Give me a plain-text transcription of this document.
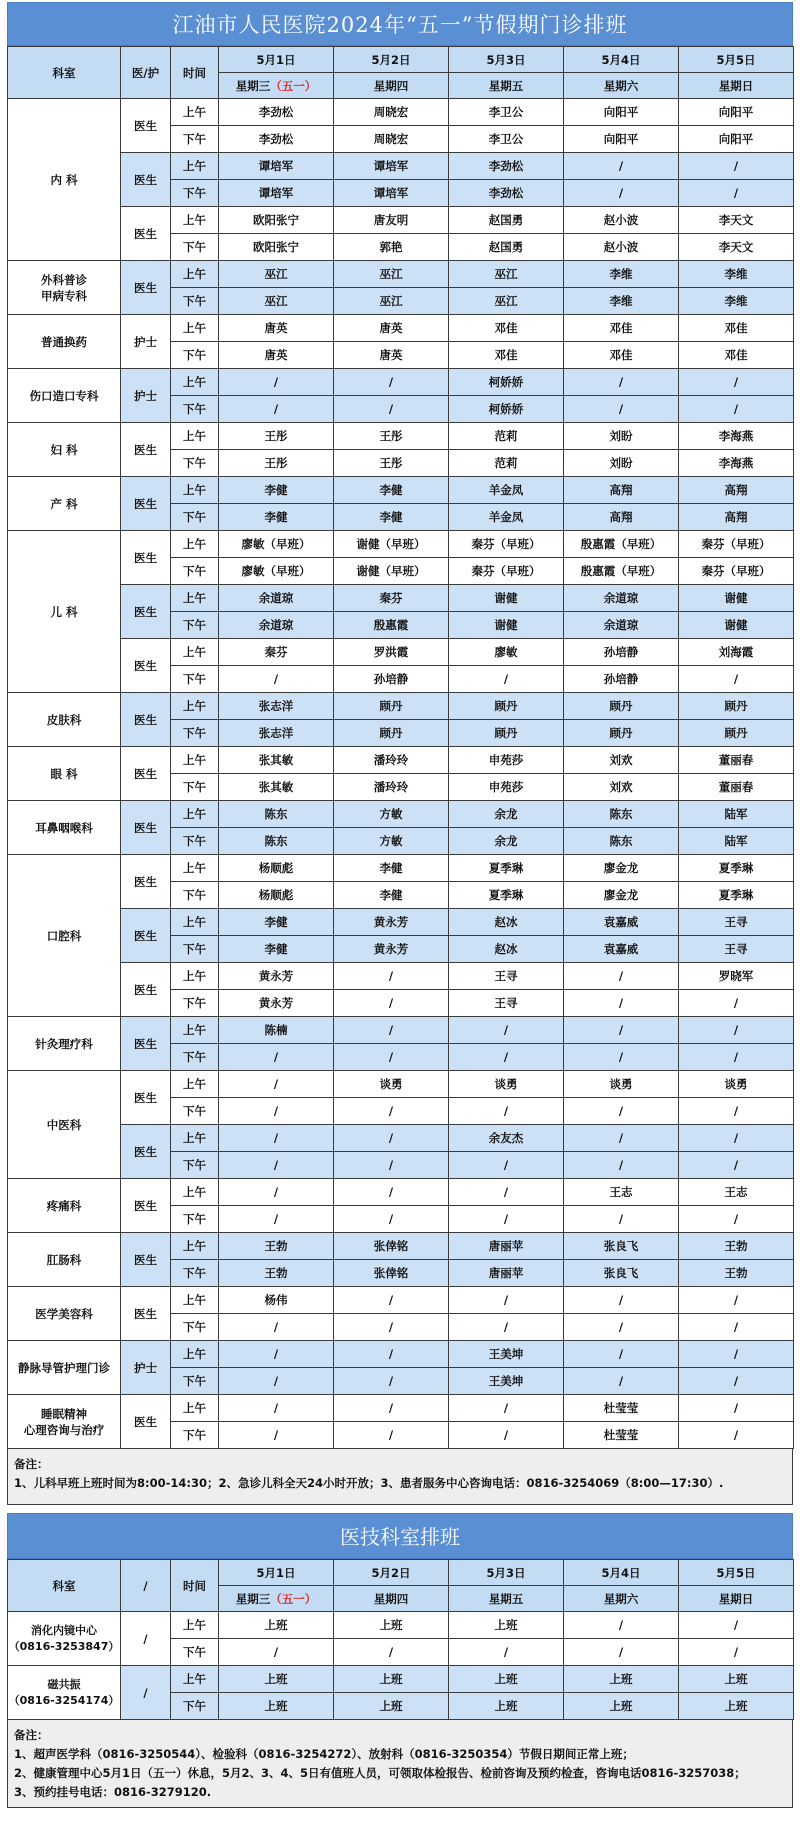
江油市人民医院2024年“五一”节假期门诊排班
科室	医/护	时间	5月1日	5月2日	5月3日	5月4日	5月5日
			星期三（五一）	星期四	星期五	星期六	星期日
内 科	医生	上午	李劲松	周晓宏	李卫公	向阳平	向阳平
		下午	李劲松	周晓宏	李卫公	向阳平	向阳平
	医生	上午	谭培军	谭培军	李劲松	/	/
		下午	谭培军	谭培军	李劲松	/	/
	医生	上午	欧阳张宁	唐友明	赵国勇	赵小波	李天文
		下午	欧阳张宁	郭艳	赵国勇	赵小波	李天文
外科普诊
甲病专科	医生	上午	巫江	巫江	巫江	李维	李维
		下午	巫江	巫江	巫江	李维	李维
普通换药	护士	上午	唐英	唐英	邓佳	邓佳	邓佳
		下午	唐英	唐英	邓佳	邓佳	邓佳
伤口造口专科	护士	上午	/	/	柯娇娇	/	/
		下午	/	/	柯娇娇	/	/
妇 科	医生	上午	王彤	王彤	范莉	刘盼	李海燕
		下午	王彤	王彤	范莉	刘盼	李海燕
产 科	医生	上午	李健	李健	羊金凤	高翔	高翔
		下午	李健	李健	羊金凤	高翔	高翔
儿 科	医生	上午	廖敏（早班）	谢健（早班）	秦芬（早班）	殷惠霞（早班）	秦芬（早班）
		下午	廖敏（早班）	谢健（早班）	秦芬（早班）	殷惠霞（早班）	秦芬（早班）
	医生	上午	余道琼	秦芬	谢健	余道琼	谢健
		下午	余道琼	殷惠霞	谢健	余道琼	谢健
	医生	上午	秦芬	罗洪霞	廖敏	孙培静	刘海霞
		下午	/	孙培静	/	孙培静	/
皮肤科	医生	上午	张志洋	顾丹	顾丹	顾丹	顾丹
		下午	张志洋	顾丹	顾丹	顾丹	顾丹
眼 科	医生	上午	张其敏	潘玲玲	申苑莎	刘欢	董丽春
		下午	张其敏	潘玲玲	申苑莎	刘欢	董丽春
耳鼻咽喉科	医生	上午	陈东	方敏	余龙	陈东	陆军
		下午	陈东	方敏	余龙	陈东	陆军
口腔科	医生	上午	杨顺彪	李健	夏季琳	廖金龙	夏季琳
		下午	杨顺彪	李健	夏季琳	廖金龙	夏季琳
	医生	上午	李健	黄永芳	赵冰	袁嘉威	王寻
		下午	李健	黄永芳	赵冰	袁嘉威	王寻
	医生	上午	黄永芳	/	王寻	/	罗晓军
		下午	黄永芳	/	王寻	/	/
针灸理疗科	医生	上午	陈楠	/	/	/	/
		下午	/	/	/	/	/
中医科	医生	上午	/	谈勇	谈勇	谈勇	谈勇
		下午	/	/	/	/	/
	医生	上午	/	/	余友杰	/	/
		下午	/	/	/	/	/
疼痛科	医生	上午	/	/	/	王志	王志
		下午	/	/	/	/	/
肛肠科	医生	上午	王勃	张倖铭	唐丽苹	张良飞	王勃
		下午	王勃	张倖铭	唐丽苹	张良飞	王勃
医学美容科	医生	上午	杨伟	/	/	/	/
		下午	/	/	/	/	/
静脉导管护理门诊	护士	上午	/	/	王美坤	/	/
		下午	/	/	王美坤	/	/
睡眠精神
心理咨询与治疗	医生	上午	/	/	/	杜莹莹	/
		下午	/	/	/	杜莹莹	/
备注：
1、儿科早班上班时间为8:00-14:30；2、急诊儿科全天24小时开放；3、患者服务中心咨询电话：0816-3254069（8:00—17:30）.
医技科室排班
科室	/	时间	5月1日	5月2日	5月3日	5月4日	5月5日
			星期三（五一）	星期四	星期五	星期六	星期日
消化内镜中心
（0816-3253847）	/	上午	上班	上班	上班	/	/
		下午	/	/	/	/	/
磁共振
（0816-3254174）	/	上午	上班	上班	上班	上班	上班
		下午	上班	上班	上班	上班	上班
备注：
1、超声医学科（0816-3250544）、检验科（0816-3254272）、放射科（0816-3250354）节假日期间正常上班；
2、健康管理中心5月1日（五一）休息，5月2、3、4、5日有值班人员，可领取体检报告、检前咨询及预约检查，咨询电话0816-3257038；
3、预约挂号电话：0816-3279120.
